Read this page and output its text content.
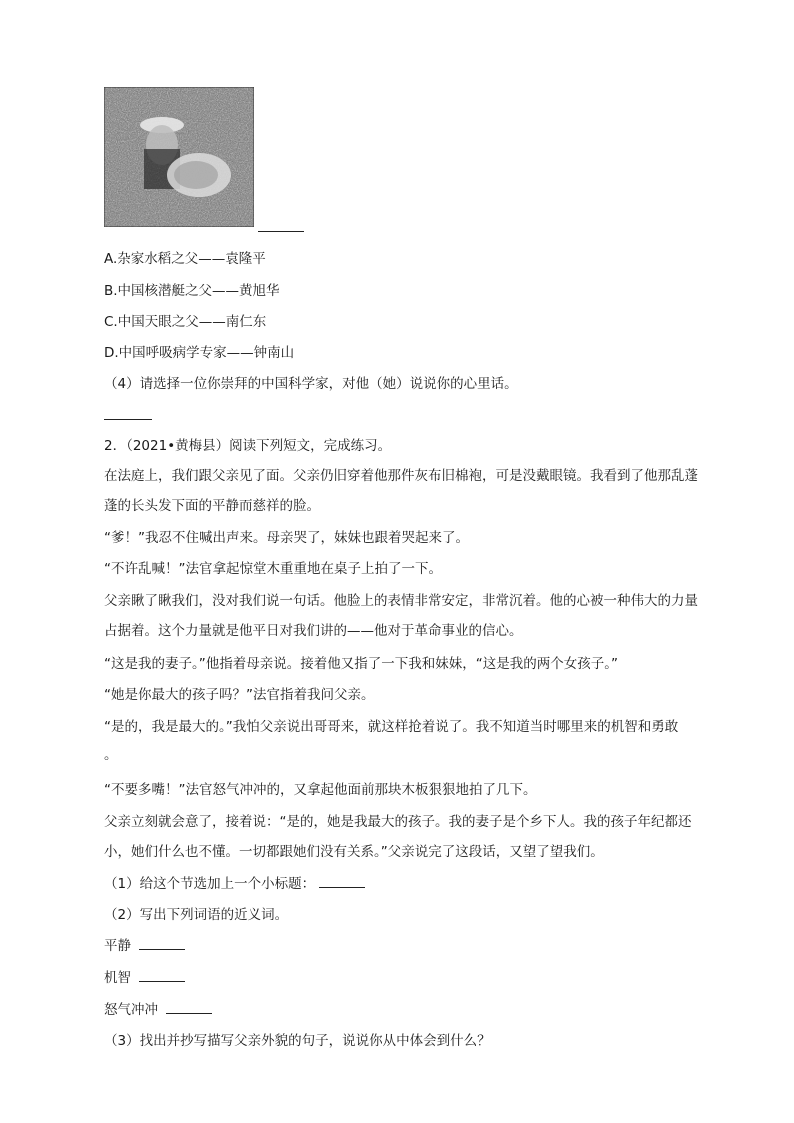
A.杂家水稻之父——袁隆平
B.中国核潜艇之父——黄旭华
C.中国天眼之父——南仁东
D.中国呼吸病学专家——钟南山
（4）请选择一位你崇拜的中国科学家，对他（她）说说你的心里话。
2．（2021•黄梅县）阅读下列短文，完成练习。
在法庭上，我们跟父亲见了面。父亲仍旧穿着他那件灰布旧棉袍，可是没戴眼镜。我看到了他那乱蓬
蓬的长头发下面的平静而慈祥的脸。
“爹！”我忍不住喊出声来。母亲哭了，妹妹也跟着哭起来了。
“不许乱喊！”法官拿起惊堂木重重地在桌子上拍了一下。
父亲瞅了瞅我们，没对我们说一句话。他脸上的表情非常安定，非常沉着。他的心被一种伟大的力量
占据着。这个力量就是他平日对我们讲的——他对于革命事业的信心。
“这是我的妻子。”他指着母亲说。接着他又指了一下我和妹妹，“这是我的两个女孩子。”
“她是你最大的孩子吗？”法官指着我问父亲。
“是的，我是最大的。”我怕父亲说出哥哥来，就这样抢着说了。我不知道当时哪里来的机智和勇敢
。
“不要多嘴！”法官怒气冲冲的，又拿起他面前那块木板狠狠地拍了几下。
父亲立刻就会意了，接着说：“是的，她是我最大的孩子。我的妻子是个乡下人。我的孩子年纪都还
小，她们什么也不懂。一切都跟她们没有关系。”父亲说完了这段话，又望了望我们。
（1）给这个节选加上一个小标题：
（2）写出下列词语的近义词。
平静
机智
怒气冲冲
（3）找出并抄写描写父亲外貌的句子，说说你从中体会到什么？
